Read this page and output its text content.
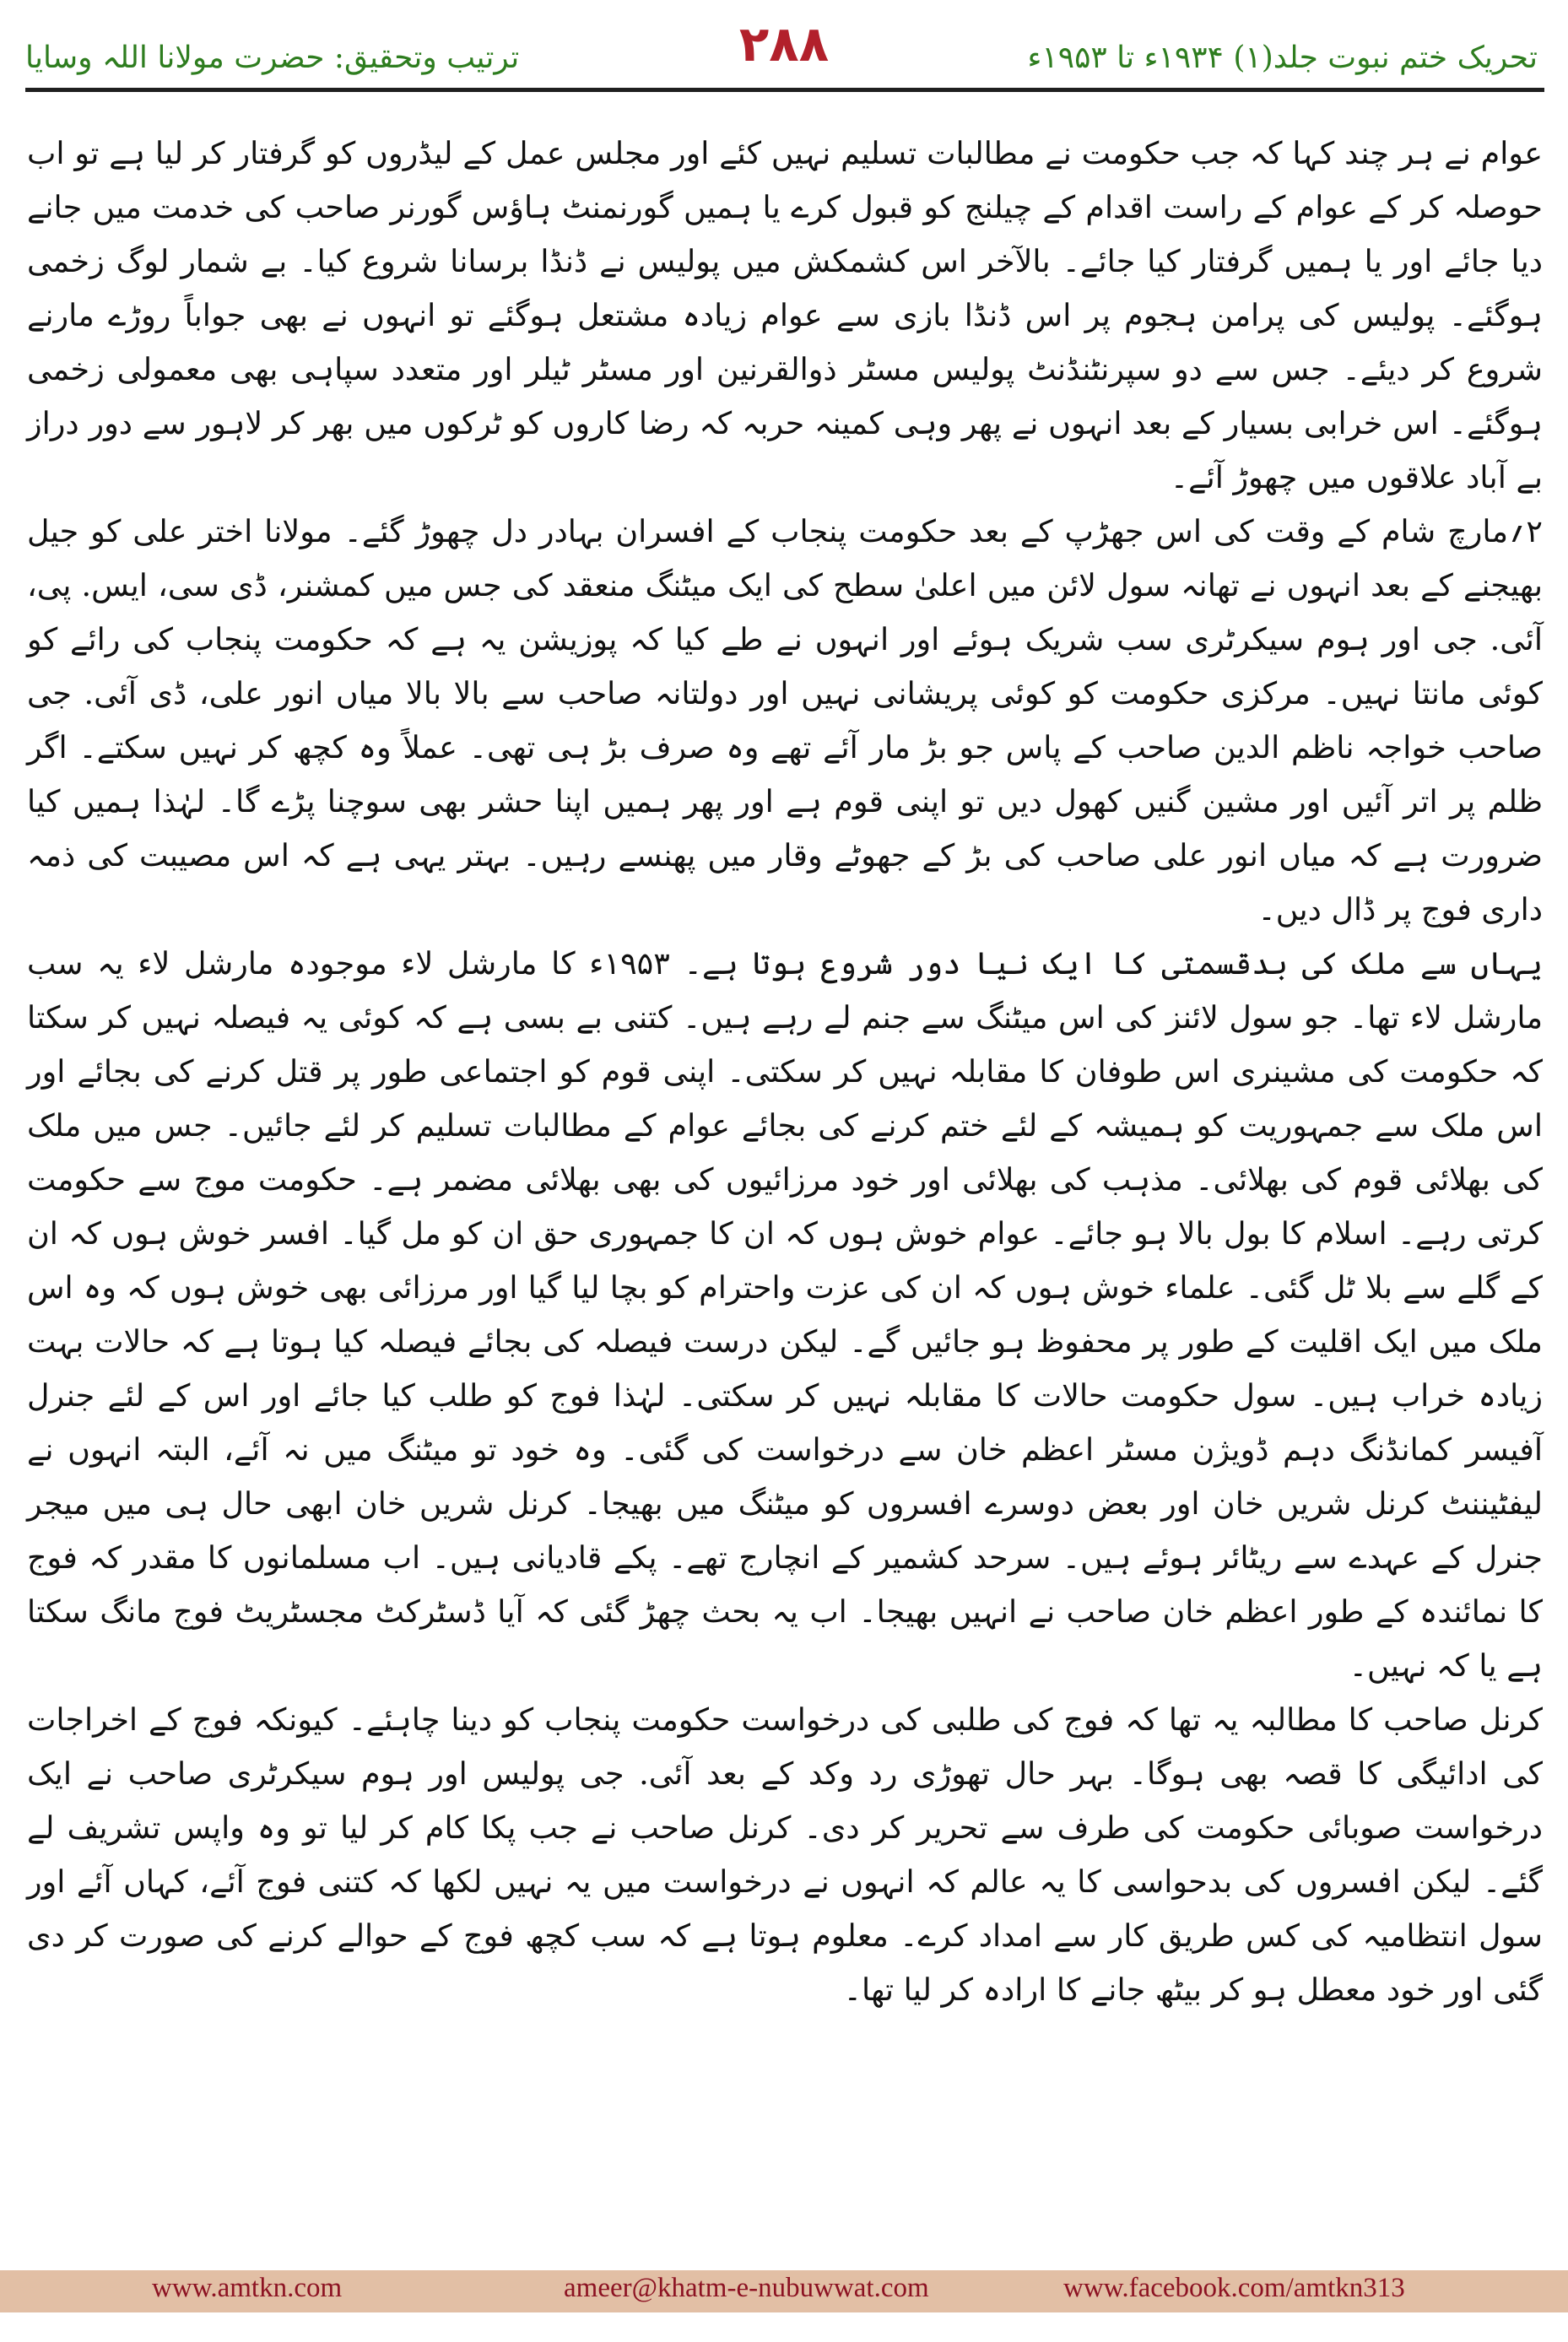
ترتیب وتحقیق: حضرت مولانا اللہ وسایا	۲۸۸	تحریک ختم نبوت جلد(۱) ۱۹۳۴ء تا ۱۹۵۳ء

عوام نے ہر چند کہا کہ جب حکومت نے مطالبات تسلیم نہیں کئے اور مجلس عمل کے لیڈروں کو گرفتار کر لیا ہے تو اب حوصلہ کر کے عوام کے راست اقدام کے چیلنج کو قبول کرے یا ہمیں گورنمنٹ ہاؤس گورنر صاحب کی خدمت میں جانے دیا جائے اور یا ہمیں گرفتار کیا جائے۔ بالآخر اس کشمکش میں پولیس نے ڈنڈا برسانا شروع کیا۔ بے شمار لوگ زخمی ہوگئے۔ پولیس کی پرامن ہجوم پر اس ڈنڈا بازی سے عوام زیادہ مشتعل ہوگئے تو انہوں نے بھی جواباً روڑے مارنے شروع کر دیئے۔ جس سے دو سپرنٹنڈنٹ پولیس مسٹر ذوالقرنین اور مسٹر ٹیلر اور متعدد سپاہی بھی معمولی زخمی ہوگئے۔ اس خرابی بسیار کے بعد انہوں نے پھر وہی کمینہ حربہ کہ رضا کاروں کو ٹرکوں میں بھر کر لاہور سے دور دراز بے آباد علاقوں میں چھوڑ آئے۔

۲؍مارچ شام کے وقت کی اس جھڑپ کے بعد حکومت پنجاب کے افسران بہادر دل چھوڑ گئے۔ مولانا اختر علی کو جیل بھیجنے کے بعد انہوں نے تھانہ سول لائن میں اعلیٰ سطح کی ایک میٹنگ منعقد کی جس میں کمشنر، ڈی سی، ایس. پی، آئی. جی اور ہوم سیکرٹری سب شریک ہوئے اور انہوں نے طے کیا کہ پوزیشن یہ ہے کہ حکومت پنجاب کی رائے کو کوئی مانتا نہیں۔ مرکزی حکومت کو کوئی پریشانی نہیں اور دولتانہ صاحب سے بالا بالا میاں انور علی، ڈی آئی. جی صاحب خواجہ ناظم الدین صاحب کے پاس جو بڑ مار آئے تھے وہ صرف بڑ ہی تھی۔ عملاً وہ کچھ کر نہیں سکتے۔ اگر ظلم پر اتر آئیں اور مشین گنیں کھول دیں تو اپنی قوم ہے اور پھر ہمیں اپنا حشر بھی سوچنا پڑے گا۔ لہٰذا ہمیں کیا ضرورت ہے کہ میاں انور علی صاحب کی بڑ کے جھوٹے وقار میں پھنسے رہیں۔ بہتر یہی ہے کہ اس مصیبت کی ذمہ داری فوج پر ڈال دیں۔

یہاں سے ملک کی بدقسمتی کا ایک نیا دور شروع ہوتا ہے۔ ۱۹۵۳ء کا مارشل لاء موجودہ مارشل لاء یہ سب مارشل لاء تھا۔ جو سول لائنز کی اس میٹنگ سے جنم لے رہے ہیں۔ کتنی بے بسی ہے کہ کوئی یہ فیصلہ نہیں کر سکتا کہ حکومت کی مشینری اس طوفان کا مقابلہ نہیں کر سکتی۔ اپنی قوم کو اجتماعی طور پر قتل کرنے کی بجائے اور اس ملک سے جمہوریت کو ہمیشہ کے لئے ختم کرنے کی بجائے عوام کے مطالبات تسلیم کر لئے جائیں۔ جس میں ملک کی بھلائی قوم کی بھلائی۔ مذہب کی بھلائی اور خود مرزائیوں کی بھی بھلائی مضمر ہے۔ حکومت موج سے حکومت کرتی رہے۔ اسلام کا بول بالا ہو جائے۔ عوام خوش ہوں کہ ان کا جمہوری حق ان کو مل گیا۔ افسر خوش ہوں کہ ان کے گلے سے بلا ٹل گئی۔ علماء خوش ہوں کہ ان کی عزت واحترام کو بچا لیا گیا اور مرزائی بھی خوش ہوں کہ وہ اس ملک میں ایک اقلیت کے طور پر محفوظ ہو جائیں گے۔ لیکن درست فیصلہ کی بجائے فیصلہ کیا ہوتا ہے کہ حالات بہت زیادہ خراب ہیں۔ سول حکومت حالات کا مقابلہ نہیں کر سکتی۔ لہٰذا فوج کو طلب کیا جائے اور اس کے لئے جنرل آفیسر کمانڈنگ دہم ڈویژن مسٹر اعظم خان سے درخواست کی گئی۔ وہ خود تو میٹنگ میں نہ آئے، البتہ انہوں نے لیفٹیننٹ کرنل شریں خان اور بعض دوسرے افسروں کو میٹنگ میں بھیجا۔ کرنل شریں خان ابھی حال ہی میں میجر جنرل کے عہدے سے ریٹائر ہوئے ہیں۔ سرحد کشمیر کے انچارج تھے۔ پکے قادیانی ہیں۔ اب مسلمانوں کا مقدر کہ فوج کا نمائندہ کے طور اعظم خان صاحب نے انہیں بھیجا۔ اب یہ بحث چھڑ گئی کہ آیا ڈسٹرکٹ مجسٹریٹ فوج مانگ سکتا ہے یا کہ نہیں۔

کرنل صاحب کا مطالبہ یہ تھا کہ فوج کی طلبی کی درخواست حکومت پنجاب کو دینا چاہئے۔ کیونکہ فوج کے اخراجات کی ادائیگی کا قصہ بھی ہوگا۔ بہر حال تھوڑی رد وکد کے بعد آئی. جی پولیس اور ہوم سیکرٹری صاحب نے ایک درخواست صوبائی حکومت کی طرف سے تحریر کر دی۔ کرنل صاحب نے جب پکا کام کر لیا تو وہ واپس تشریف لے گئے۔ لیکن افسروں کی بدحواسی کا یہ عالم کہ انہوں نے درخواست میں یہ نہیں لکھا کہ کتنی فوج آئے، کہاں آئے اور سول انتظامیہ کی کس طریق کار سے امداد کرے۔ معلوم ہوتا ہے کہ سب کچھ فوج کے حوالے کرنے کی صورت کر دی گئی اور خود معطل ہو کر بیٹھ جانے کا ارادہ کر لیا تھا۔

www.amtkn.com	ameer@khatm-e-nubuwwat.com	www.facebook.com/amtkn313
